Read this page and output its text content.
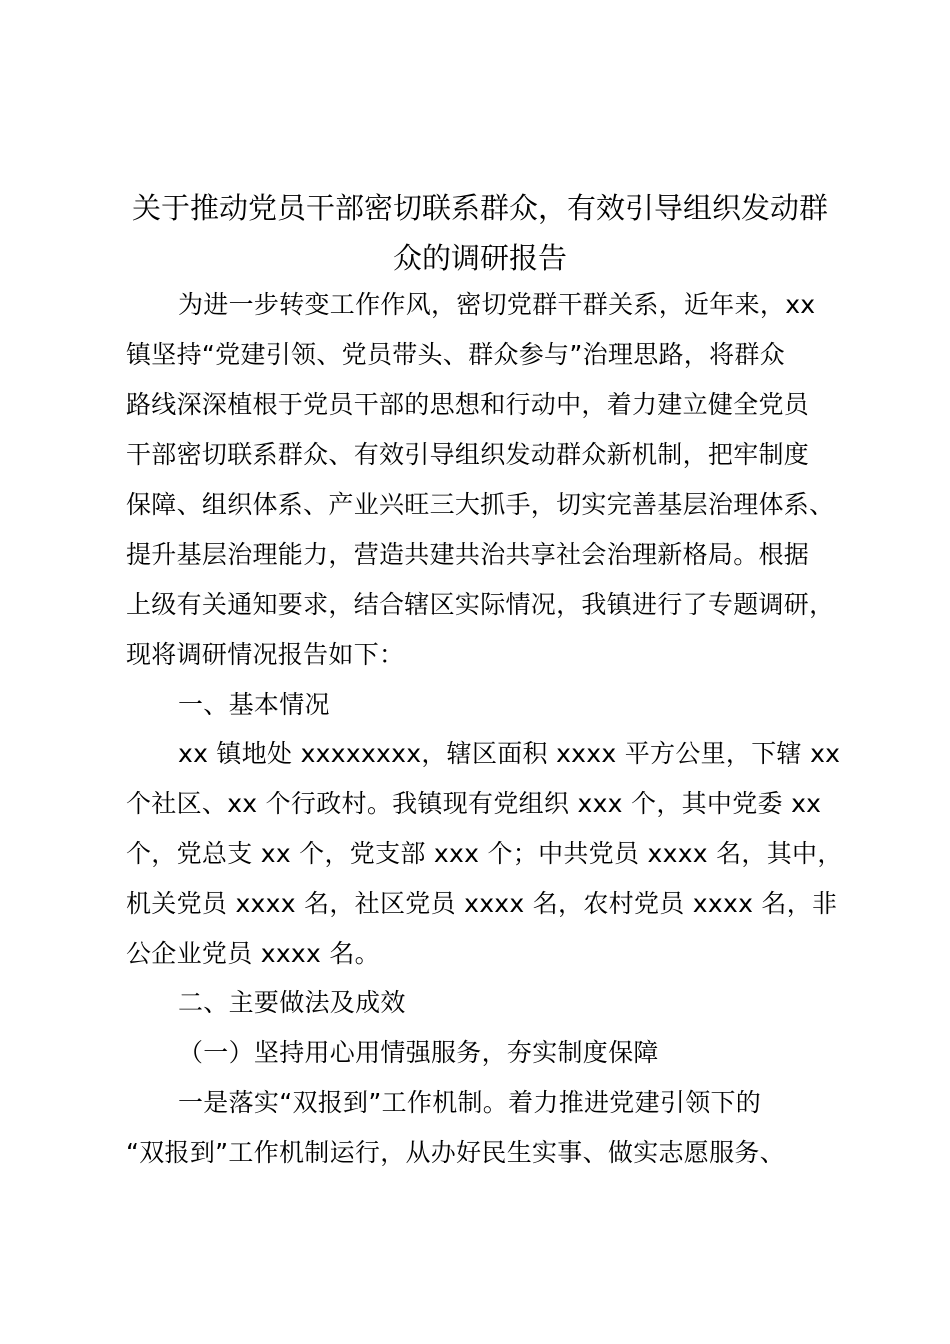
关于推动党员干部密切联系群众，有效引导组织发动群
众的调研报告
为进一步转变工作作风，密切党群干群关系，近年来，xx
镇坚持“党建引领、党员带头、群众参与”治理思路，将群众
路线深深植根于党员干部的思想和行动中，着力建立健全党员
干部密切联系群众、有效引导组织发动群众新机制，把牢制度
保障、组织体系、产业兴旺三大抓手，切实完善基层治理体系、
提升基层治理能力，营造共建共治共享社会治理新格局。根据
上级有关通知要求，结合辖区实际情况，我镇进行了专题调研，
现将调研情况报告如下：
一、基本情况
xx 镇地处 xxxxxxxx，辖区面积 xxxx 平方公里，下辖 xx
个社区、xx 个行政村。我镇现有党组织 xxx 个，其中党委 xx
个，党总支 xx 个，党支部 xxx 个；中共党员 xxxx 名，其中，
机关党员 xxxx 名，社区党员 xxxx 名，农村党员 xxxx 名，非
公企业党员 xxxx 名。
二、主要做法及成效
（一）坚持用心用情强服务，夯实制度保障
一是落实“双报到”工作机制。着力推进党建引领下的
“双报到”工作机制运行，从办好民生实事、做实志愿服务、
